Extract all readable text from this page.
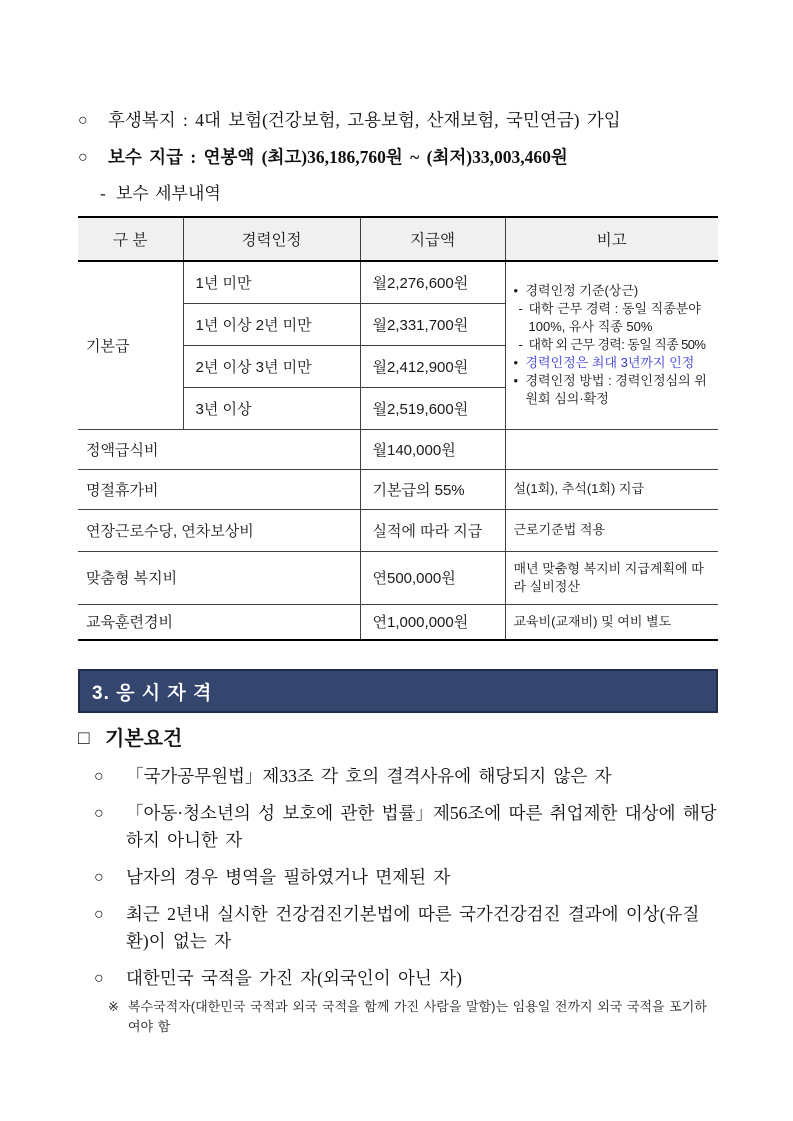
○	후생복지 : 4대 보험(건강보험, 고용보험, 산재보험, 국민연금) 가입
○	보수 지급 : 연봉액 (최고)36,186,760원 ~ (최저)33,003,460원
- 보수 세부내역
구 분	경력인정	지급액	비고
기본급	1년 미만	월2,276,600원	• 경력인정 기준(상근)
- 대학 근무 경력 : 동일 직종분야 100%, 유사 직종 50%
- 대학 외 근무 경력: 동일 직종 50%
• 경력인정은 최대 3년까지 인정
• 경력인정 방법 : 경력인정심의 위원회 심의·확정

	1년 이상 2년 미만	월2,331,700원	
	2년 이상 3년 미만	월2,412,900원	
	3년 이상	월2,519,600원	
정액급식비		월140,000원	
명절휴가비		기본급의 55%	설(1회), 추석(1회) 지급
연장근로수당, 연차보상비		실적에 따라 지급	근로기준법 적용
맞춤형 복지비		연500,000원	매년 맞춤형 복지비 지급계획에 따라 실비정산
교육훈련경비		연1,000,000원	교육비(교재비) 및 여비 별도
3. 응 시 자 격
□ 기본요건
○	「국가공무원법」제33조 각 호의 결격사유에 해당되지 않은 자
○	「아동·청소년의 성 보호에 관한 법률」제56조에 따른 취업제한 대상에 해당하지 아니한 자
○	남자의 경우 병역을 필하였거나 면제된 자
○	최근 2년내 실시한 건강검진기본법에 따른 국가건강검진 결과에 이상(유질환)이 없는 자
○	대한민국 국적을 가진 자(외국인이 아닌 자)
※ 복수국적자(대한민국 국적과 외국 국적을 함께 가진 사람을 말함)는 임용일 전까지 외국 국적을 포기하여야 함
